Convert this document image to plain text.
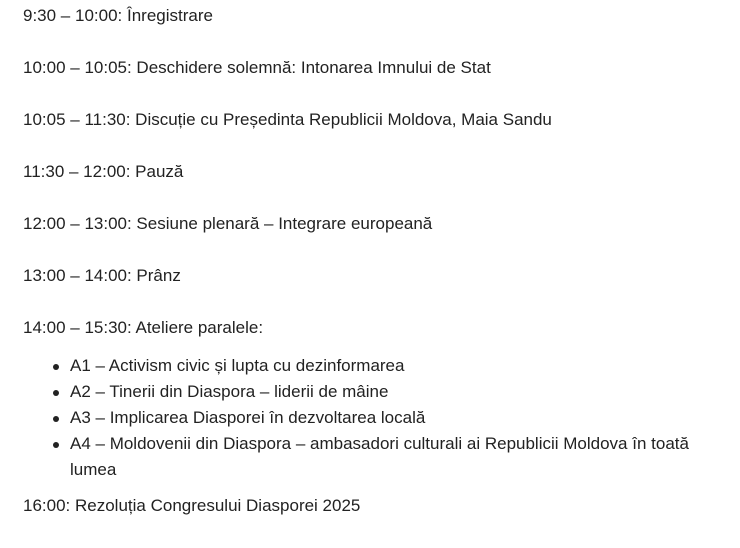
9:30 – 10:00: Înregistrare

10:00 – 10:05: Deschidere solemnă: Intonarea Imnului de Stat

10:05 – 11:30: Discuție cu Președinta Republicii Moldova, Maia Sandu

11:30 – 12:00: Pauză

12:00 – 13:00: Sesiune plenară – Integrare europeană

13:00 – 14:00: Prânz

14:00 – 15:30: Ateliere paralele:

A1 – Activism civic și lupta cu dezinformarea
A2 – Tinerii din Diaspora – liderii de mâine
A3 – Implicarea Diasporei în dezvoltarea locală
A4 – Moldovenii din Diaspora – ambasadori culturali ai Republicii Moldova în toată lumea

16:00: Rezoluția Congresului Diasporei 2025
